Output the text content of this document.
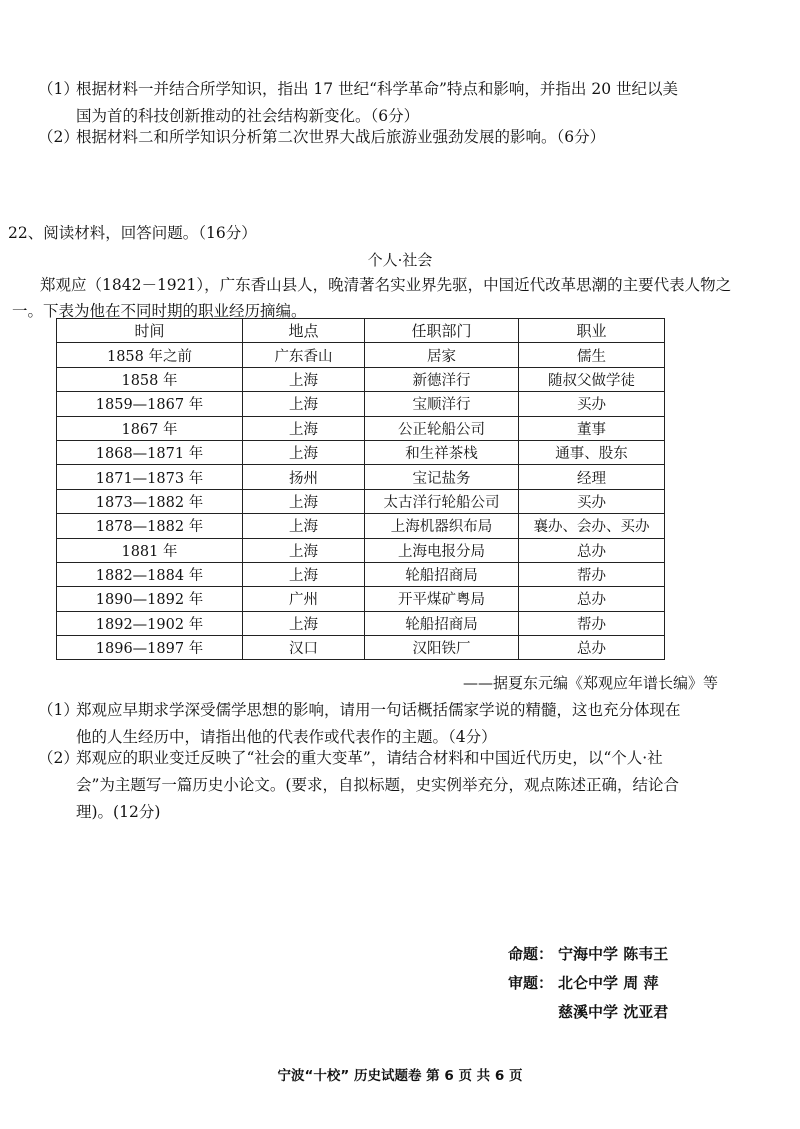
（1）根据材料一并结合所学知识，指出 17 世纪“科学革命”特点和影响，并指出 20 世纪以美
国为首的科技创新推动的社会结构新变化。（6分）
（2）根据材料二和所学知识分析第二次世界大战后旅游业强劲发展的影响。（6分）
22、阅读材料，回答问题。（16分）
个人·社会
郑观应（1842－1921），广东香山县人，晚清著名实业界先驱，中国近代改革思潮的主要代表人物之一。下表为他在不同时期的职业经历摘编。
时间	地点	任职部门	职业
1858 年之前	广东香山	居家	儒生
1858 年	上海	新德洋行	随叔父做学徒
1859—1867 年	上海	宝顺洋行	买办
1867 年	上海	公正轮船公司	董事
1868—1871 年	上海	和生祥茶栈	通事、股东
1871—1873 年	扬州	宝记盐务	经理
1873—1882 年	上海	太古洋行轮船公司	买办
1878—1882 年	上海	上海机器织布局	襄办、会办、买办
1881 年	上海	上海电报分局	总办
1882—1884 年	上海	轮船招商局	帮办
1890—1892 年	广州	开平煤矿粤局	总办
1892—1902 年	上海	轮船招商局	帮办
1896—1897 年	汉口	汉阳铁厂	总办
——据夏东元编《郑观应年谱长编》等
（1）郑观应早期求学深受儒学思想的影响，请用一句话概括儒家学说的精髓，这也充分体现在
他的人生经历中，请指出他的代表作或代表作的主题。（4分）
（2）郑观应的职业变迁反映了“社会的重大变革”，请结合材料和中国近代历史，以“个人·社
会”为主题写一篇历史小论文。(要求，自拟标题，史实例举充分，观点陈述正确，结论合
理)。(12分)
命题： 宁海中学 陈韦王
审题： 北仑中学 周 萍
慈溪中学 沈亚君
宁波“十校” 历史试题卷 第 6 页 共 6 页
